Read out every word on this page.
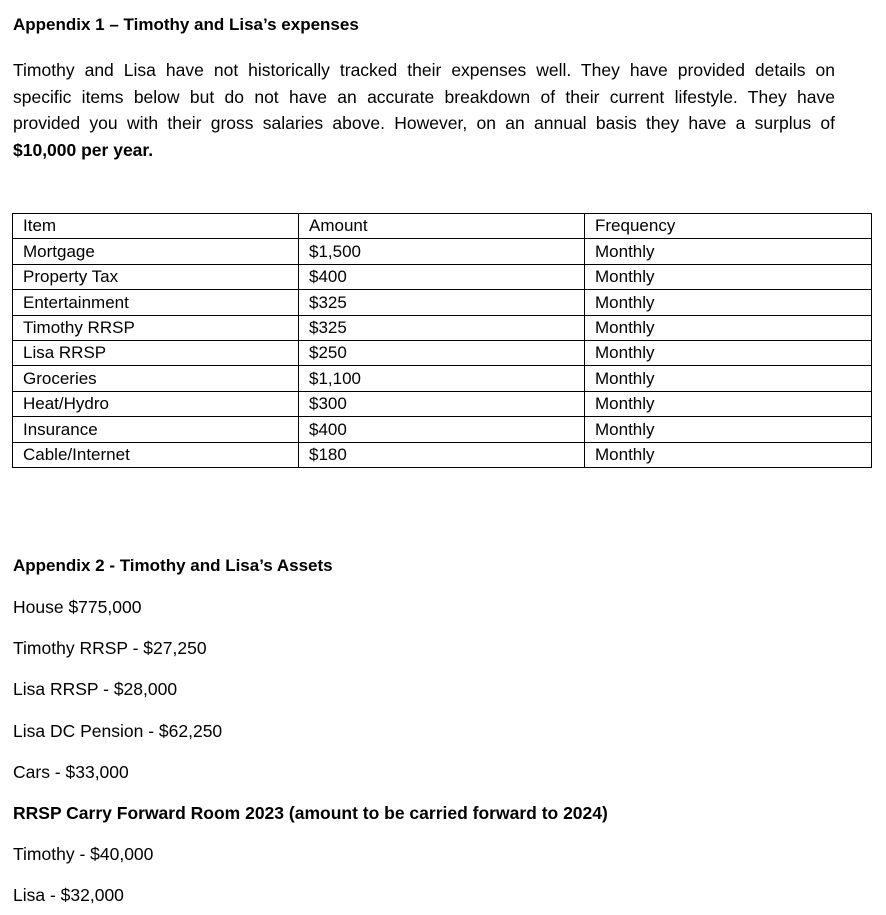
Appendix 1 – Timothy and Lisa’s expenses
Timothy and Lisa have not historically tracked their expenses well. They have provided details on
specific items below but do not have an accurate breakdown of their current lifestyle. They have
provided you with their gross salaries above. However, on an annual basis they have a surplus of
$10,000 per year.
Item	Amount	Frequency
Mortgage	$1,500	Monthly
Property Tax	$400	Monthly
Entertainment	$325	Monthly
Timothy RRSP	$325	Monthly
Lisa RRSP	$250	Monthly
Groceries	$1,100	Monthly
Heat/Hydro	$300	Monthly
Insurance	$400	Monthly
Cable/Internet	$180	Monthly
Appendix 2 - Timothy and Lisa’s Assets
House $775,000
Timothy RRSP - $27,250
Lisa RRSP - $28,000
Lisa DC Pension - $62,250
Cars - $33,000
RRSP Carry Forward Room 2023 (amount to be carried forward to 2024)
Timothy - $40,000
Lisa - $32,000
